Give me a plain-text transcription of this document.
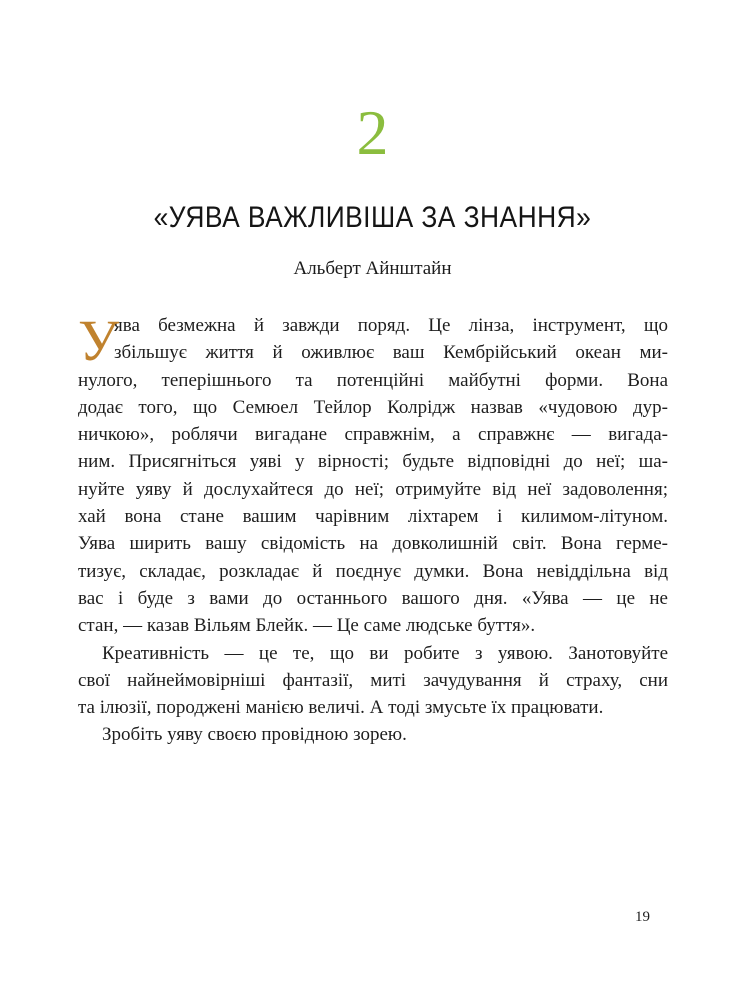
2
«УЯВА ВАЖЛИВІША ЗА ЗНАННЯ»
Альберт Айнштайн
У
ява безмежна й завжди поряд. Це лінза, інструмент, що
збільшує життя й оживлює ваш Кембрійський океан ми-
нулого, теперішнього та потенційні майбутні форми. Вона
додає того, що Семюел Тейлор Колрідж назвав «чудовою дур-
ничкою», роблячи вигадане справжнім, а справжнє — вигада-
ним. Присягніться уяві у вірності; будьте відповідні до неї; ша-
нуйте уяву й дослухайтеся до неї; отримуйте від неї задоволення;
хай вона стане вашим чарівним ліхтарем і килимом-літуном.
Уява ширить вашу свідомість на довколишній світ. Вона герме-
тизує, складає, розкладає й поєднує думки. Вона невіддільна від
вас і буде з вами до останнього вашого дня. «Уява — це не
стан, — казав Вільям Блейк. — Це саме людське буття».
Креативність — це те, що ви робите з уявою. Занотовуйте
свої найнеймовірніші фантазії, миті зачудування й страху, сни
та ілюзії, породжені манією величі. А тоді змусьте їх працювати.
Зробіть уяву своєю провідною зорею.
19
